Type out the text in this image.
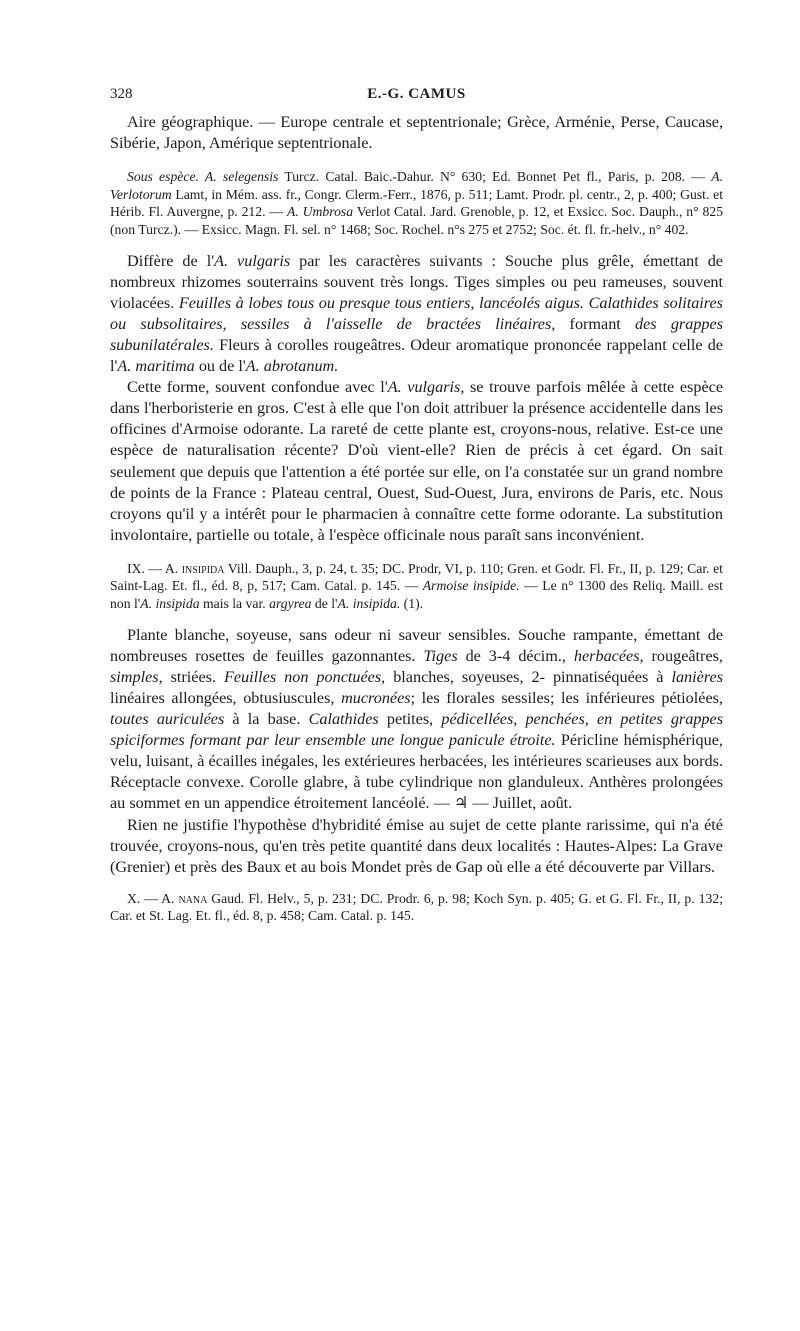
328	E.-G. CAMUS

Aire géographique. — Europe centrale et septentrionale; Grèce, Arménie, Perse, Caucase, Sibérie, Japon, Amérique septentrionale.

Sous espèce. A. selegensis Turcz. Catal. Baic.-Dahur. N° 630; Ed. Bonnet Pet fl., Paris, p. 208. — A. Verlotorum Lamt, in Mém. ass. fr., Congr. Clerm.-Ferr., 1876, p. 511; Lamt. Prodr. pl. centr., 2, p. 400; Gust. et Hérib. Fl. Auvergne, p. 212. — A. Umbrosa Verlot Catal. Jard. Grenoble, p. 12, et Exsicc. Soc. Dauph., n° 825 (non Turcz.). — Exsicc. Magn. Fl. sel. n° 1468; Soc. Rochel. n°s 275 et 2752; Soc. ét. fl. fr.-helv., n° 402.

Diffère de l'A. vulgaris par les caractères suivants : Souche plus grêle, émettant de nombreux rhizomes souterrains souvent très longs. Tiges simples ou peu rameuses, souvent violacées. Feuilles à lobes tous ou presque tous entiers, lancéolés aigus. Calathides solitaires ou subsolitaires, sessiles à l'aisselle de bractées linéaires, formant des grappes subunilatérales. Fleurs à corolles rougeâtres. Odeur aromatique prononcée rappelant celle de l'A. maritima ou de l'A. abrotanum.

Cette forme, souvent confondue avec l'A. vulgaris, se trouve parfois mêlée à cette espèce dans l'herboristerie en gros. C'est à elle que l'on doit attribuer la présence accidentelle dans les officines d'Armoise odorante. La rareté de cette plante est, croyons-nous, relative. Est-ce une espèce de naturalisation récente? D'où vient-elle? Rien de précis à cet égard. On sait seulement que depuis que l'attention a été portée sur elle, on l'a constatée sur un grand nombre de points de la France : Plateau central, Ouest, Sud-Ouest, Jura, environs de Paris, etc. Nous croyons qu'il y a intérêt pour le pharmacien à connaître cette forme odorante. La substitution involontaire, partielle ou totale, à l'espèce officinale nous paraît sans inconvénient.

IX. — A. insipida Vill. Dauph., 3, p. 24, t. 35; DC. Prodr, VI, p. 110; Gren. et Godr. Fl. Fr., II, p. 129; Car. et Saint-Lag. Et. fl., éd. 8, p, 517; Cam. Catal. p. 145. — Armoise insipide. — Le n° 1300 des Reliq. Maill. est non l'A. insipida mais la var. argyrea de l'A. insipida. (1).

Plante blanche, soyeuse, sans odeur ni saveur sensibles. Souche rampante, émettant de nombreuses rosettes de feuilles gazonnantes. Tiges de 3-4 décim., herbacées, rougeâtres, simples, striées. Feuilles non ponctuées, blanches, soyeuses, 2- pinnatiséquées à lanières linéaires allongées, obtusiuscules, mucronées; les florales sessiles; les inférieures pétiolées, toutes auriculées à la base. Calathides petites, pédicellées, penchées, en petites grappes spiciformes formant par leur ensemble une longue panicule étroite. Péricline hémisphérique, velu, luisant, à écailles inégales, les extérieures herbacées, les intérieures scarieuses aux bords. Réceptacle convexe. Corolle glabre, à tube cylindrique non glanduleux. Anthères prolongées au sommet en un appendice étroitement lancéolé. — ♃ — Juillet, août.

Rien ne justifie l'hypothèse d'hybridité émise au sujet de cette plante rarissime, qui n'a été trouvée, croyons-nous, qu'en très petite quantité dans deux localités : Hautes-Alpes: La Grave (Grenier) et près des Baux et au bois Mondet près de Gap où elle a été découverte par Villars.

X. — A. nana Gaud. Fl. Helv., 5, p. 231; DC. Prodr. 6, p. 98; Koch Syn. p. 405; G. et G. Fl. Fr., II, p. 132; Car. et St. Lag. Et. fl., éd. 8, p. 458; Cam. Catal. p. 145.
